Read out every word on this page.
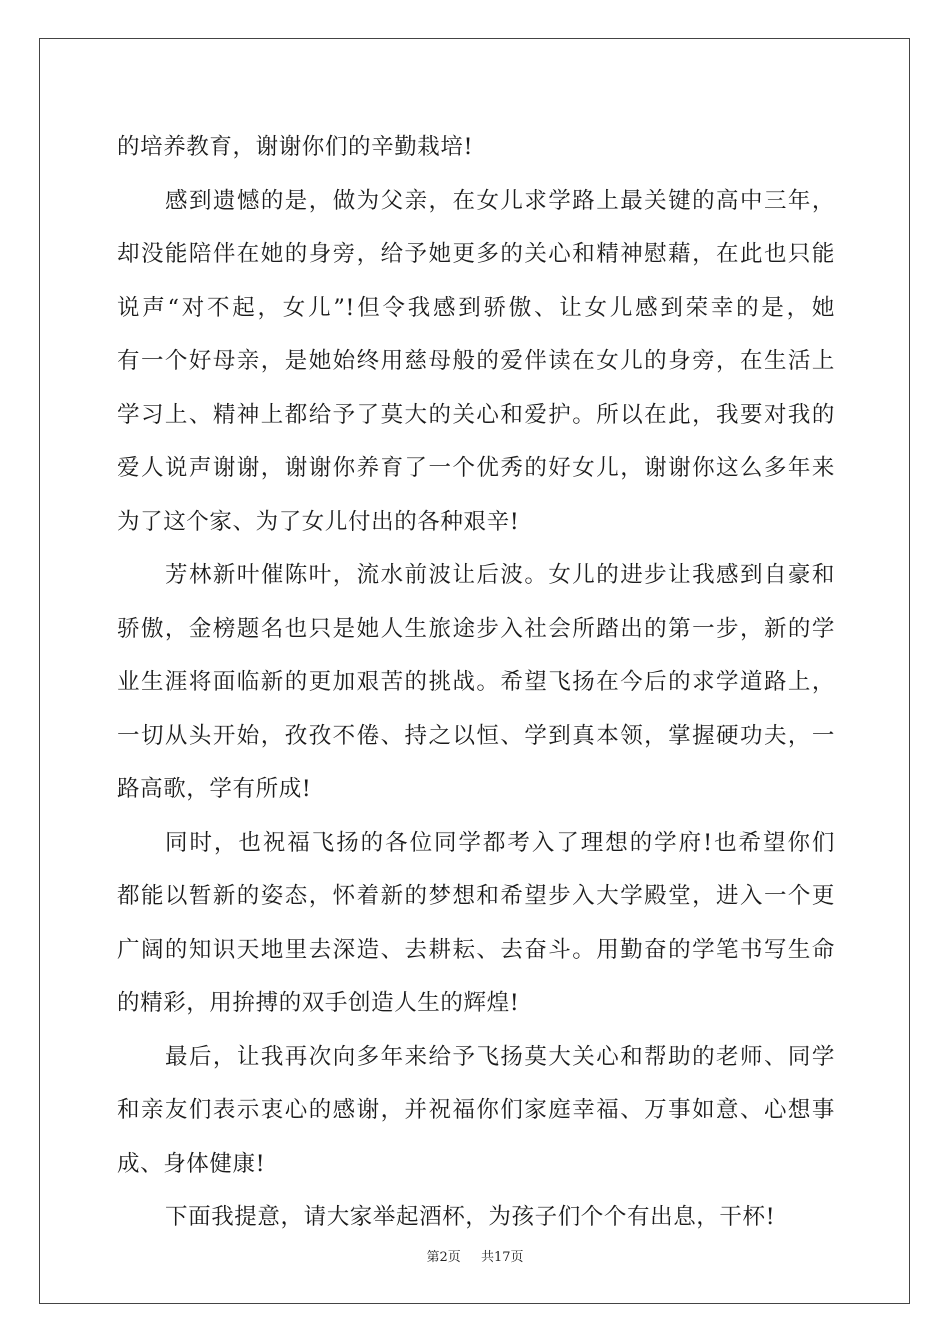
的培养教育，谢谢你们的辛勤栽培!
感到遗憾的是，做为父亲，在女儿求学路上最关键的高中三年，
却没能陪伴在她的身旁，给予她更多的关心和精神慰藉，在此也只能
说声“对不起，女儿”!但令我感到骄傲、让女儿感到荣幸的是，她
有一个好母亲，是她始终用慈母般的爱伴读在女儿的身旁，在生活上
学习上、精神上都给予了莫大的关心和爱护。所以在此，我要对我的
爱人说声谢谢，谢谢你养育了一个优秀的好女儿，谢谢你这么多年来
为了这个家、为了女儿付出的各种艰辛!
芳林新叶催陈叶，流水前波让后波。女儿的进步让我感到自豪和
骄傲，金榜题名也只是她人生旅途步入社会所踏出的第一步，新的学
业生涯将面临新的更加艰苦的挑战。希望飞扬在今后的求学道路上，
一切从头开始，孜孜不倦、持之以恒、学到真本领，掌握硬功夫，一
路高歌，学有所成!
同时，也祝福飞扬的各位同学都考入了理想的学府!也希望你们
都能以暂新的姿态，怀着新的梦想和希望步入大学殿堂，进入一个更
广阔的知识天地里去深造、去耕耘、去奋斗。用勤奋的学笔书写生命
的精彩，用拚搏的双手创造人生的辉煌!
最后，让我再次向多年来给予飞扬莫大关心和帮助的老师、同学
和亲友们表示衷心的感谢，并祝福你们家庭幸福、万事如意、心想事
成、身体健康!
下面我提意，请大家举起酒杯，为孩子们个个有出息，干杯!
第2页 共17页
